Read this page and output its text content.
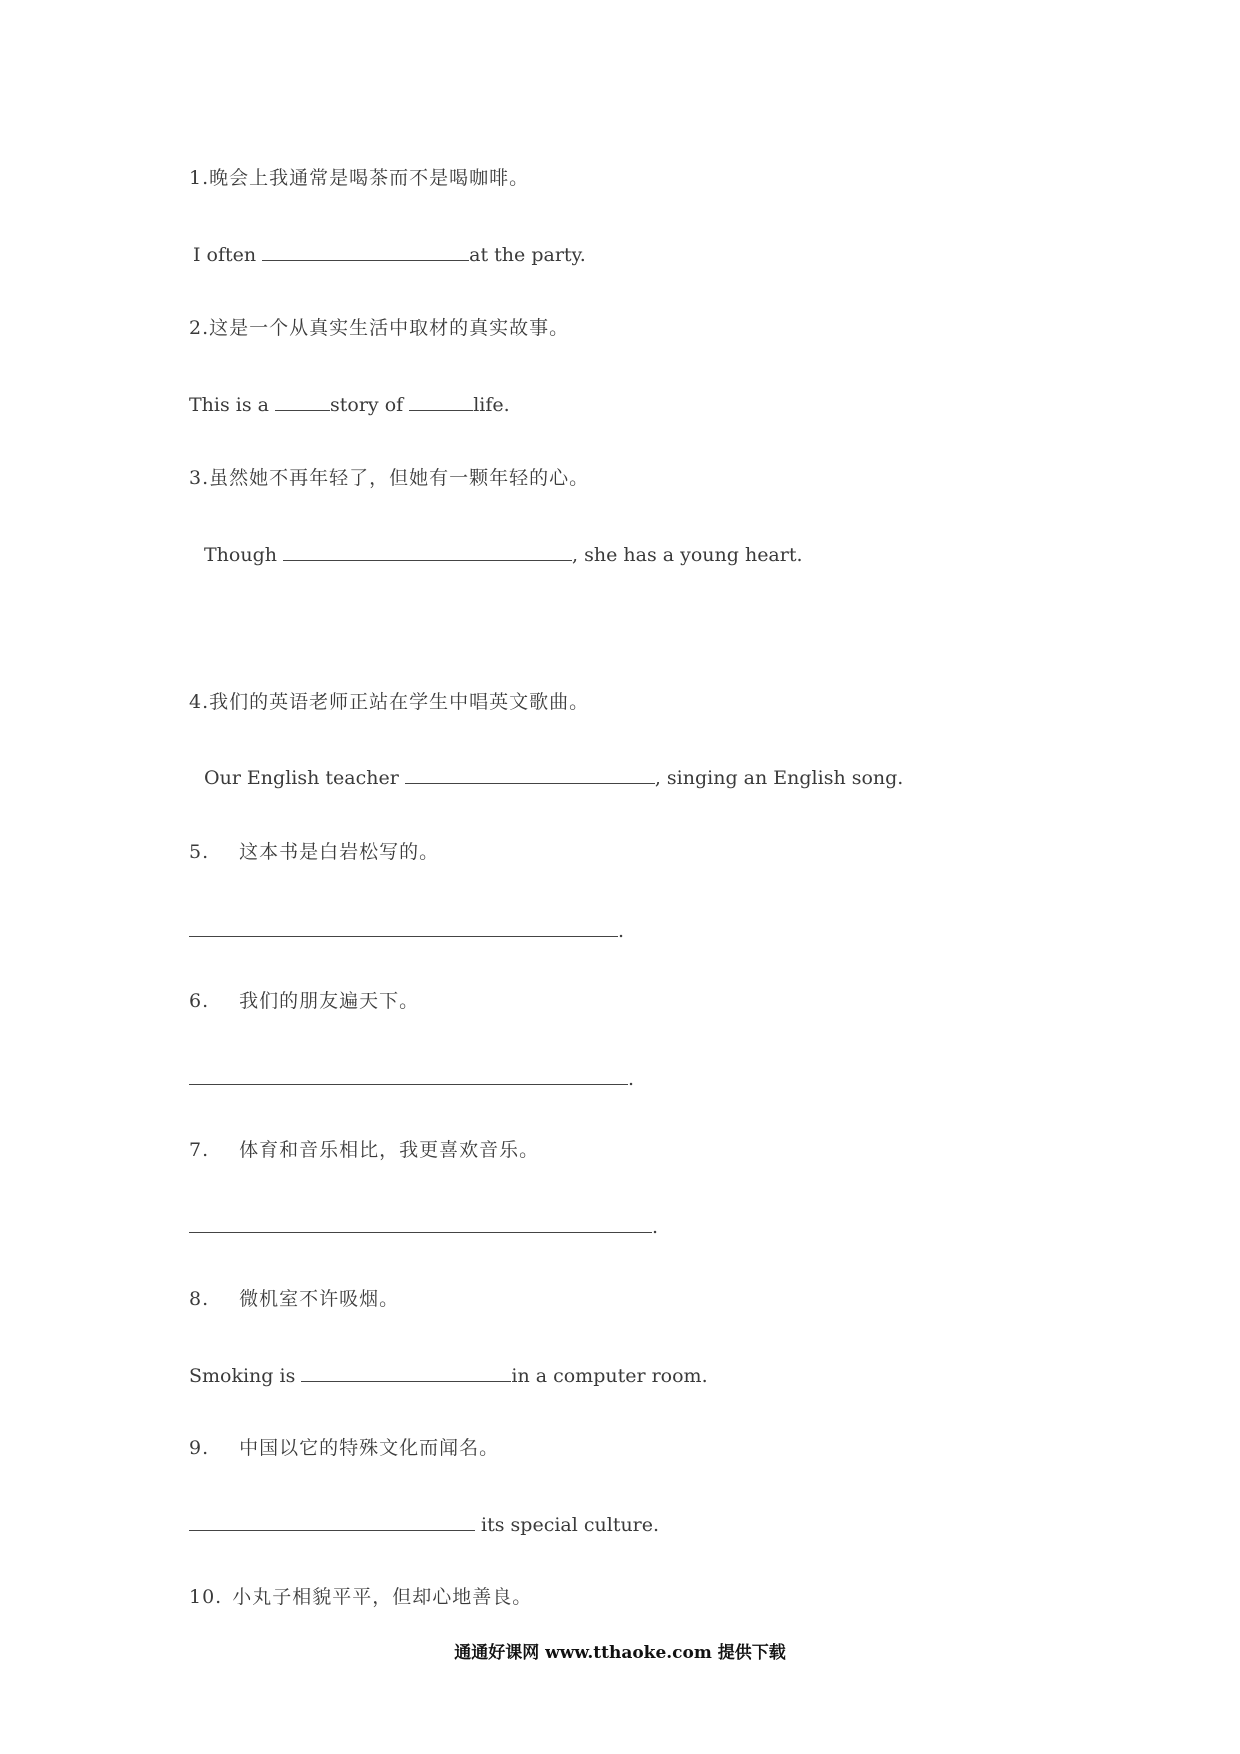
1.晚会上我通常是喝茶而不是喝咖啡。
I often	at the party.
2.这是一个从真实生活中取材的真实故事。
This is a	story of	life.
3.虽然她不再年轻了，但她有一颗年轻的心。
Though	, she has a young heart.
4.我们的英语老师正站在学生中唱英文歌曲。
Our English teacher	, singing an English song.
5. 这本书是白岩松写的。
.
6. 我们的朋友遍天下。
.
7. 体育和音乐相比，我更喜欢音乐。
.
8. 微机室不许吸烟。
Smoking is	in a computer room.
9. 中国以它的特殊文化而闻名。
its special culture.
10. 小丸子相貌平平，但却心地善良。
通通好课网 www.tthaoke.com 提供下载
